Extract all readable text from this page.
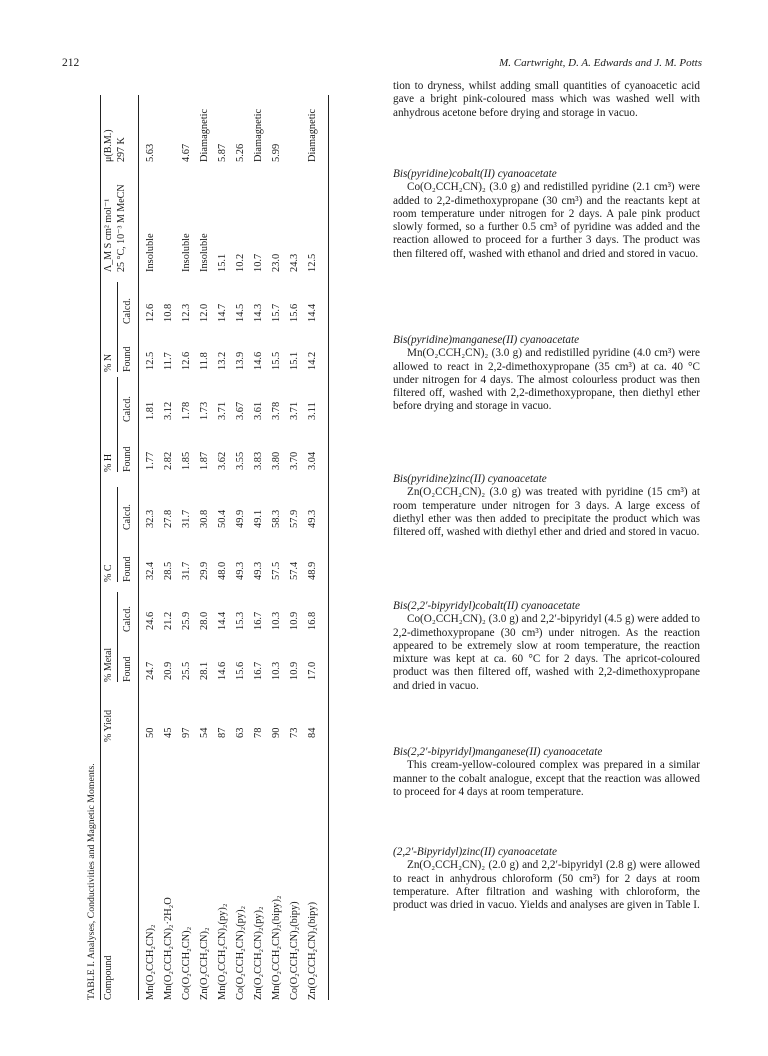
212	M. Cartwright, D. A. Edwards and J. M. Potts
TABLE I. Analyses, Conductivities and Magnetic Moments. Compound
% Yield
% Metal
% C
% H
% N
Λ_M S cm² mol⁻¹ 25 °C, 10⁻³ M MeCN
μ(B.M.) 297 K
Found
Calcd.
Found
Calcd.
Found
Calcd.
Found
Calcd.
Mn(O₂CCH₂CN)₂
50
24.7
24.6
32.4
32.3
1.77
1.81
12.5
12.6
Insoluble
5.63
Mn(O₂CCH₂CN)₂·2H₂O
45
20.9
21.2
28.5
27.8
2.82
3.12
11.7
10.8
Co(O₂CCH₂CN)₂
97
25.5
25.9
31.7
31.7
1.85
1.78
12.6
12.3
Insoluble
4.67
Zn(O₂CCH₂CN)₂
54
28.1
28.0
29.9
30.8
1.87
1.73
11.8
12.0
Insoluble
Diamagnetic
Mn(O₂CCH₂CN)₂(py)₂
87
14.6
14.4
48.0
50.4
3.62
3.71
13.2
14.7
15.1
5.87
Co(O₂CCH₂CN)₂(py)₂
63
15.6
15.3
49.3
49.9
3.55
3.67
13.9
14.5
10.2
5.26
Zn(O₂CCH₂CN)₂(py)₂
78
16.7
16.7
49.3
49.1
3.83
3.61
14.6
14.3
10.7
Diamagnetic
Mn(O₂CCH₂CN)₂(bipy)₂
90
10.3
10.3
57.5
58.3
3.80
3.78
15.5
15.7
23.0
5.99
Co(O₂CCH₂CN)₂(bipy)
73
10.9
10.9
57.4
57.9
3.70
3.71
15.1
15.6
24.3
Zn(O₂CCH₂CN)₂(bipy)
84
17.0
16.8
48.9
49.3
3.04
3.11
14.2
14.4
12.5
Diamagnetic

tion to dryness, whilst adding small quantities of cyanoacetic acid gave a bright pink-coloured mass which was washed well with anhydrous acetone before drying and storage in vacuo.

Bis(pyridine)cobalt(II) cyanoacetate

Co(O₂CCH₂CN)₂ (3.0 g) and redistilled pyridine (2.1 cm³) were added to 2,2-dimethoxypropane (30 cm³) and the reactants kept at room temperature under nitrogen for 2 days. A pale pink product slowly formed, so a further 0.5 cm³ of pyridine was added and the reaction allowed to proceed for a further 3 days. The product was then filtered off, washed with ethanol and dried and stored in vacuo.

Bis(pyridine)manganese(II) cyanoacetate

Mn(O₂CCH₂CN)₂ (3.0 g) and redistilled pyridine (4.0 cm³) were allowed to react in 2,2-dimethoxypropane (35 cm³) at ca. 40 °C under nitrogen for 4 days. The almost colourless product was then filtered off, washed with 2,2-dimethoxypropane, then diethyl ether before drying and storage in vacuo.

Bis(pyridine)zinc(II) cyanoacetate

Zn(O₂CCH₂CN)₂ (3.0 g) was treated with pyridine (15 cm³) at room temperature under nitrogen for 3 days. A large excess of diethyl ether was then added to precipitate the product which was filtered off, washed with diethyl ether and dried and stored in vacuo.

Bis(2,2′-bipyridyl)cobalt(II) cyanoacetate

Co(O₂CCH₂CN)₂ (3.0 g) and 2,2′-bipyridyl (4.5 g) were added to 2,2-dimethoxypropane (30 cm³) under nitrogen. As the reaction appeared to be extremely slow at room temperature, the reaction mixture was kept at ca. 60 °C for 2 days. The apricot-coloured product was then filtered off, washed with 2,2-dimethoxypropane and dried in vacuo.

Bis(2,2′-bipyridyl)manganese(II) cyanoacetate

This cream-yellow-coloured complex was prepared in a similar manner to the cobalt analogue, except that the reaction was allowed to proceed for 4 days at room temperature.

(2,2′-Bipyridyl)zinc(II) cyanoacetate

Zn(O₂CCH₂CN)₂ (2.0 g) and 2,2′-bipyridyl (2.8 g) were allowed to react in anhydrous chloroform (50 cm³) for 2 days at room temperature. After filtration and washing with chloroform, the product was dried in vacuo. Yields and analyses are given in Table I.
